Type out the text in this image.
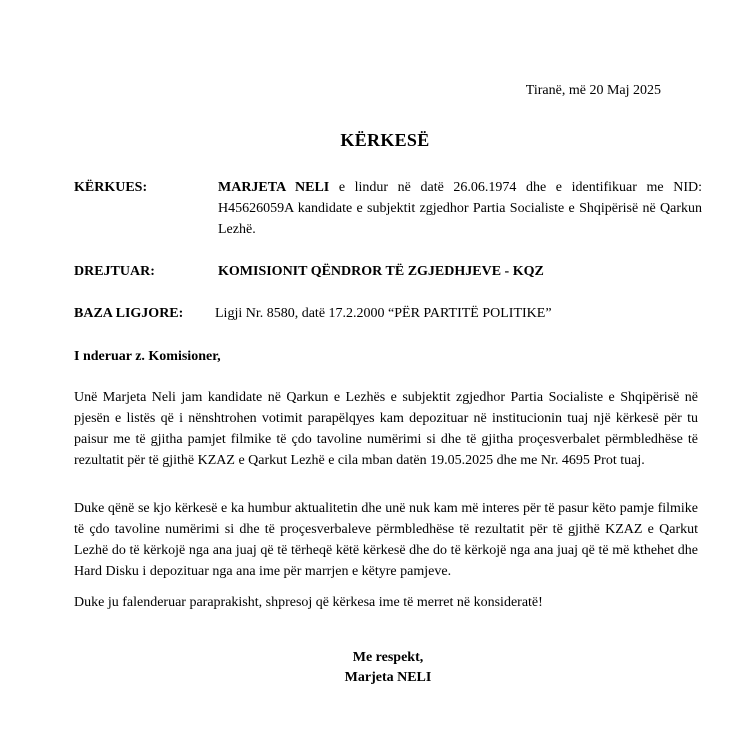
Tiranë, më 20 Maj 2025
KËRKESË
KËRKUES:	MARJETA NELI e lindur në datë 26.06.1974 dhe e identifikuar me NID: H45626059A kandidate e subjektit zgjedhor Partia Socialiste e Shqipërisë në Qarkun Lezhë.
DREJTUAR:	KOMISIONIT QËNDROR TË ZGJEDHJEVE - KQZ
BAZA LIGJORE: Ligji Nr. 8580, datë 17.2.2000 “PËR PARTITË POLITIKE”
I nderuar z. Komisioner,
Unë Marjeta Neli jam kandidate në Qarkun e Lezhës e subjektit zgjedhor Partia Socialiste e Shqipërisë në pjesën e listës që i nënshtrohen votimit parapëlqyes kam depozituar në institucionin tuaj një kërkesë për tu paisur me të gjitha pamjet filmike të çdo tavoline numërimi si dhe të gjitha proçesverbalet përmbledhëse të rezultatit për të gjithë KZAZ e Qarkut Lezhë e cila mban datën 19.05.2025 dhe me Nr. 4695 Prot tuaj.
Duke qënë se kjo kërkesë e ka humbur aktualitetin dhe unë nuk kam më interes për të pasur këto pamje filmike të çdo tavoline numërimi si dhe të proçesverbaleve përmbledhëse të rezultatit për të gjithë KZAZ e Qarkut Lezhë do të kërkojë nga ana juaj që të tërheqë këtë kërkesë dhe do të kërkojë nga ana juaj që të më kthehet dhe Hard Disku i depozituar nga ana ime për marrjen e këtyre pamjeve.
Duke ju falenderuar paraprakisht, shpresoj që kërkesa ime të merret në konsideratë!
Me respekt,
Marjeta NELI
